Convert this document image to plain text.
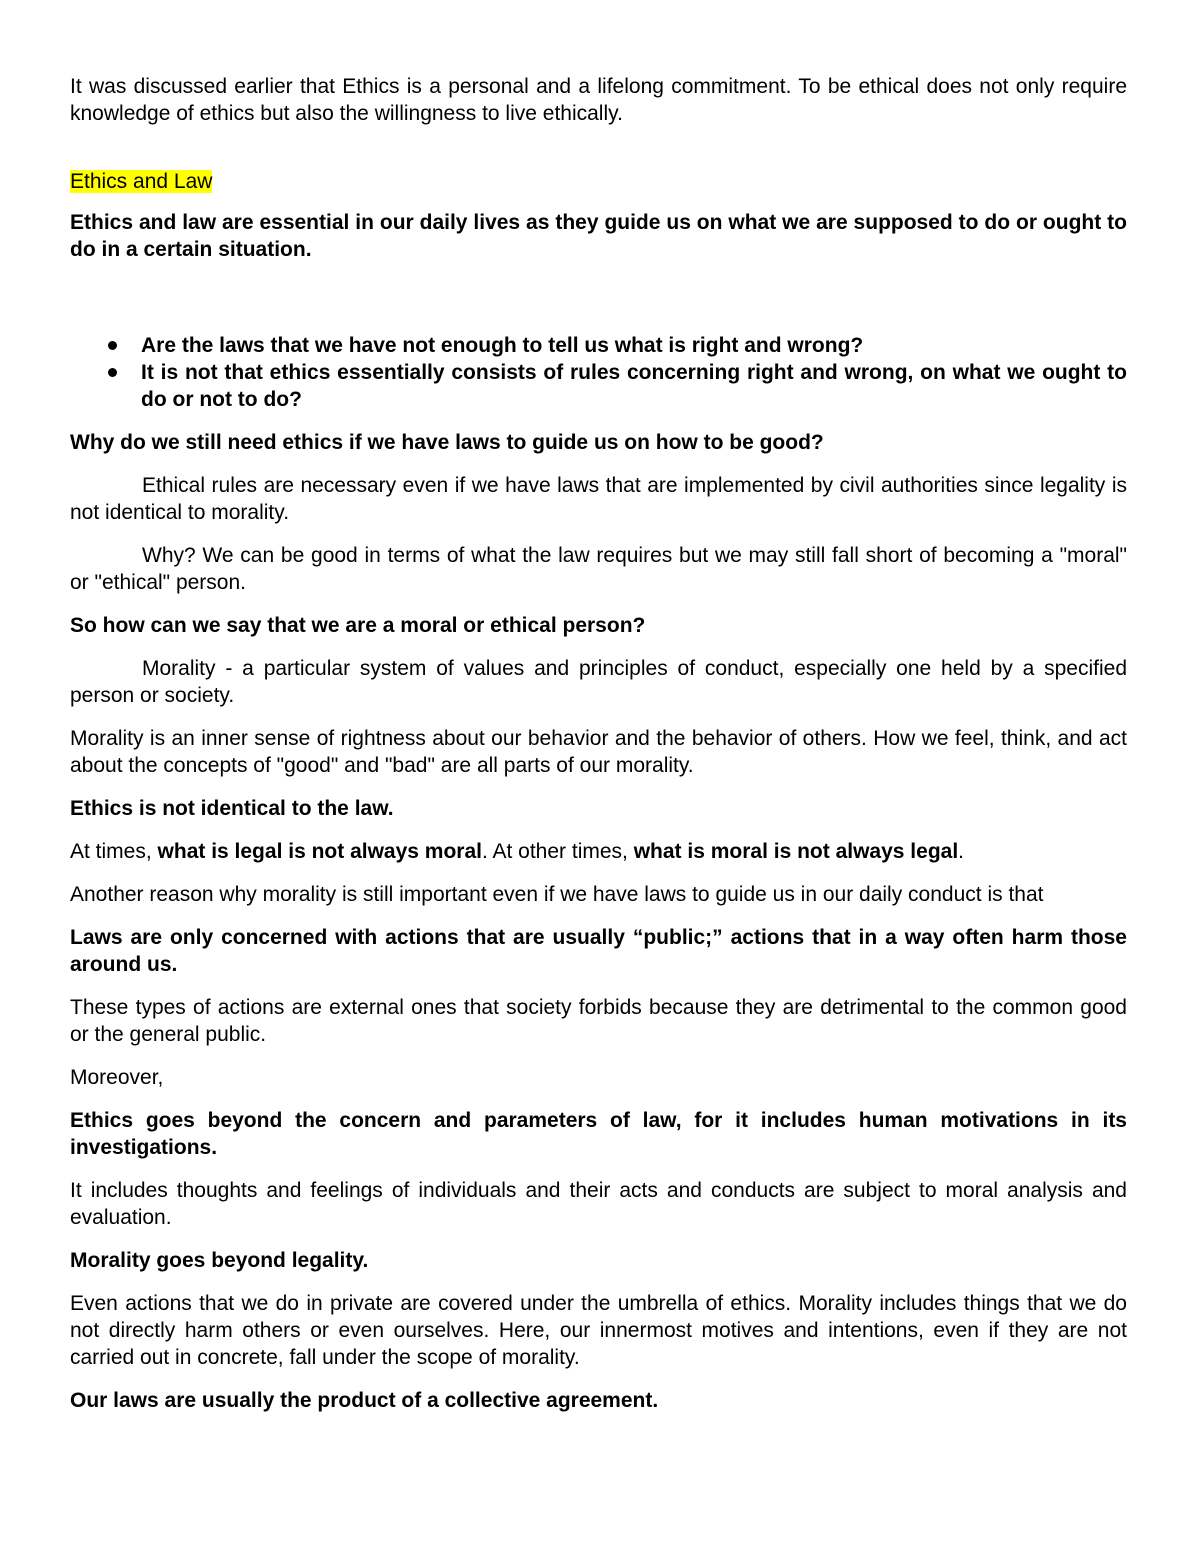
It was discussed earlier that Ethics is a personal and a lifelong commitment. To be ethical does not only require knowledge of ethics but also the willingness to live ethically.

Ethics and Law

Ethics and law are essential in our daily lives as they guide us on what we are supposed to do or ought to do in a certain situation.

Are the laws that we have not enough to tell us what is right and wrong?
It is not that ethics essentially consists of rules concerning right and wrong, on what we ought to do or not to do?

Why do we still need ethics if we have laws to guide us on how to be good?

Ethical rules are necessary even if we have laws that are implemented by civil authorities since legality is not identical to morality.

Why? We can be good in terms of what the law requires but we may still fall short of becoming a "moral" or "ethical" person.

So how can we say that we are a moral or ethical person?

Morality - a particular system of values and principles of conduct, especially one held by a specified person or society.

Morality is an inner sense of rightness about our behavior and the behavior of others. How we feel, think, and act about the concepts of "good" and "bad" are all parts of our morality.

Ethics is not identical to the law.

At times, what is legal is not always moral. At other times, what is moral is not always legal.

Another reason why morality is still important even if we have laws to guide us in our daily conduct is that

Laws are only concerned with actions that are usually “public;” actions that in a way often harm those around us.

These types of actions are external ones that society forbids because they are detrimental to the common good or the general public.

Moreover,

Ethics goes beyond the concern and parameters of law, for it includes human motivations in its investigations.

It includes thoughts and feelings of individuals and their acts and conducts are subject to moral analysis and evaluation.

Morality goes beyond legality.

Even actions that we do in private are covered under the umbrella of ethics. Morality includes things that we do not directly harm others or even ourselves. Here, our innermost motives and intentions, even if they are not carried out in concrete, fall under the scope of morality.

Our laws are usually the product of a collective agreement.
